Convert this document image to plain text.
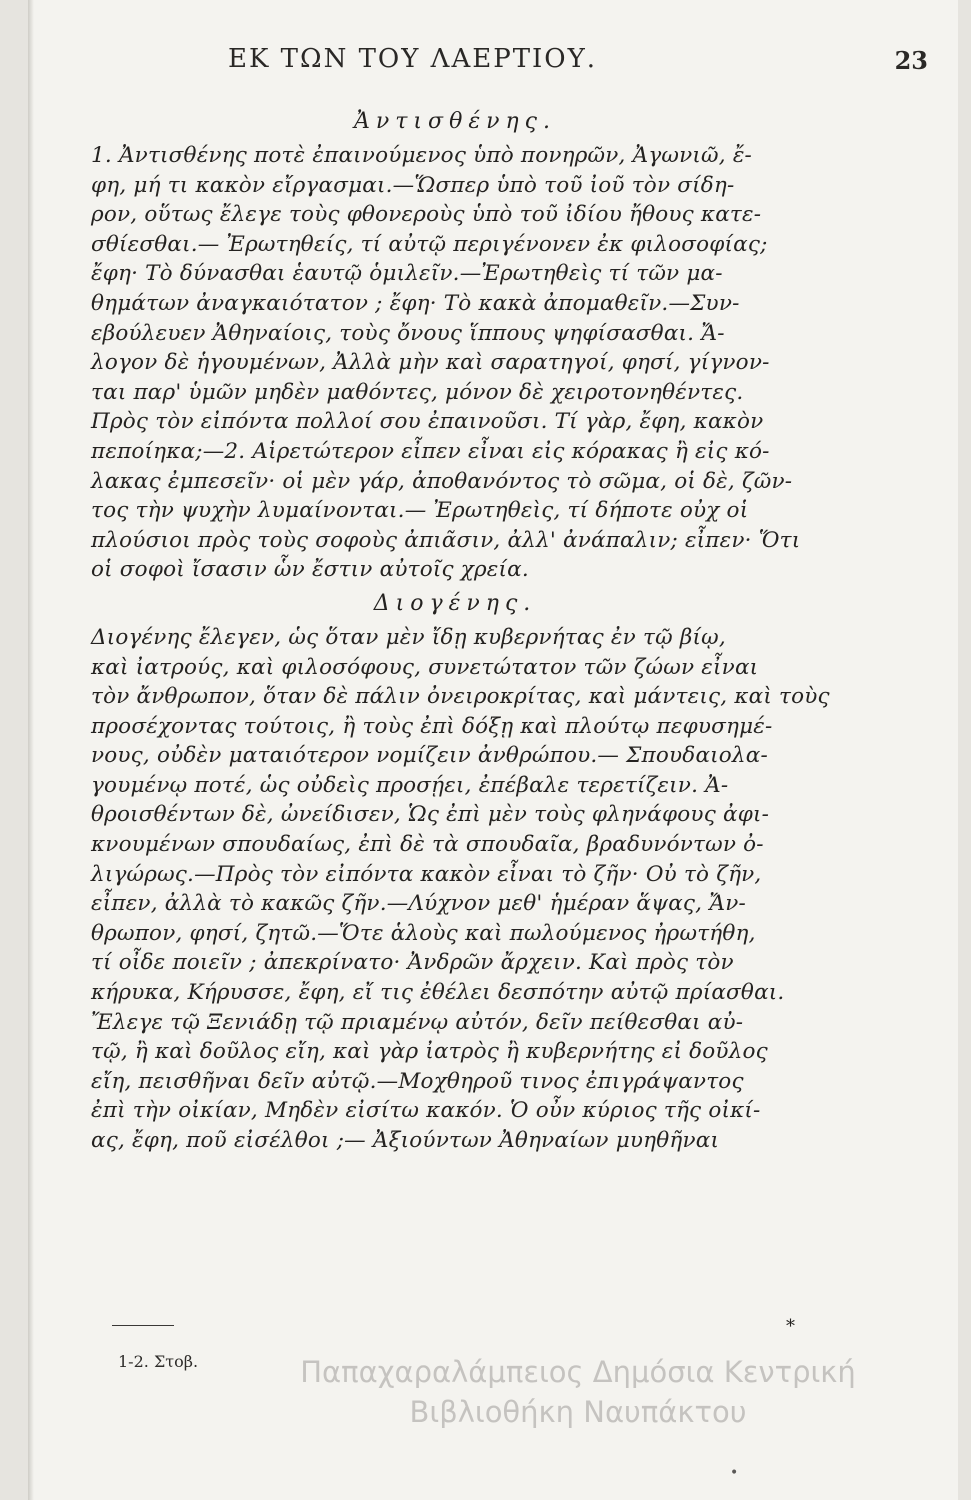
ΕΚ ΤΩΝ ΤΟΥ ΛΑΕΡΤΙΟΥ.	23
Ἀντισθένης.
1. Ἀντισθένης ποτὲ ἐπαινούμενος ὑπὸ πονηρῶν, Ἀγωνιῶ, ἔ-
φη, μή τι κακὸν εἴργασμαι.—Ὥσπερ ὑπὸ τοῦ ἰοῦ τὸν σίδη-
ρον, οὕτως ἔλεγε τοὺς φθονεροὺς ὑπὸ τοῦ ἰδίου ἤθους κατε-
σθίεσθαι.— Ἐρωτηθείς, τί αὐτῷ περιγένονεν ἐκ φιλοσοφίας;
ἔφη· Τὸ δύνασθαι ἑαυτῷ ὁμιλεῖν.—Ἐρωτηθεὶς τί τῶν μα-
θημάτων ἀναγκαιότατον ; ἔφη· Τὸ κακὰ ἀπομαθεῖν.—Συν-
εβούλευεν Ἀθηναίοις, τοὺς ὄνους ἵππους ψηφίσασθαι. Ἄ-
λογον δὲ ἡγουμένων, Ἀλλὰ μὴν καὶ σαρατηγοί, φησί, γίγνον-
ται παρ' ὑμῶν μηδὲν μαθόντες, μόνον δὲ χειροτονηθέντες.
Πρὸς τὸν εἰπόντα πολλοί σου ἐπαινοῦσι. Τί γὰρ, ἔφη, κακὸν
πεποίηκα;—2. Αἱρετώτερον εἶπεν εἶναι εἰς κόρακας ἢ εἰς κό-
λακας ἐμπεσεῖν· οἱ μὲν γάρ, ἀποθανόντος τὸ σῶμα, οἱ δὲ, ζῶν-
τος τὴν ψυχὴν λυμαίνονται.— Ἐρωτηθεὶς, τί δήποτε οὐχ οἱ
πλούσιοι πρὸς τοὺς σοφοὺς ἀπιᾶσιν, ἀλλ' ἀνάπαλιν; εἶπεν· Ὅτι
οἱ σοφοὶ ἴσασιν ὧν ἔστιν αὐτοῖς χρεία.
Διογένης.
Διογένης ἔλεγεν, ὡς ὅταν μὲν ἴδῃ κυβερνήτας ἐν τῷ βίῳ,
καὶ ἰατρούς, καὶ φιλοσόφους, συνετώτατον τῶν ζώων εἶναι
τὸν ἄνθρωπον, ὅταν δὲ πάλιν ὀνειροκρίτας, καὶ μάντεις, καὶ τοὺς
προσέχοντας τούτοις, ἢ τοὺς ἐπὶ δόξῃ καὶ πλούτῳ πεφυσημέ-
νους, οὐδὲν ματαιότερον νομίζειν ἀνθρώπου.— Σπουδαιολα-
γουμένῳ ποτέ, ὡς οὐδεὶς προσῄει, ἐπέβαλε τερετίζειν. Ἀ-
θροισθέντων δὲ, ὠνείδισεν, Ὡς ἐπὶ μὲν τοὺς φληνάφους ἀφι-
κνουμένων σπουδαίως, ἐπὶ δὲ τὰ σπουδαῖα, βραδυνόντων ὀ-
λιγώρως.—Πρὸς τὸν εἰπόντα κακὸν εἶναι τὸ ζῆν· Οὐ τὸ ζῆν,
εἶπεν, ἀλλὰ τὸ κακῶς ζῆν.—Λύχνον μεθ' ἡμέραν ἅψας, Ἄν-
θρωπον, φησί, ζητῶ.—Ὅτε ἁλοὺς καὶ πωλούμενος ἠρωτήθη,
τί οἶδε ποιεῖν ; ἀπεκρίνατο· Ἀνδρῶν ἄρχειν. Καὶ πρὸς τὸν
κήρυκα, Κήρυσσε, ἔφη, εἴ τις ἐθέλει δεσπότην αὐτῷ πρίασθαι.
Ἔλεγε τῷ Ξενιάδῃ τῷ πριαμένῳ αὐτόν, δεῖν πείθεσθαι αὐ-
τῷ, ἢ καὶ δοῦλος εἴη, καὶ γὰρ ἰατρὸς ἢ κυβερνήτης εἰ δοῦλος
εἴη, πεισθῆναι δεῖν αὐτῷ.—Μοχθηροῦ τινος ἐπιγράψαντος
ἐπὶ τὴν οἰκίαν, Μηδὲν εἰσίτω κακόν. Ὁ οὖν κύριος τῆς οἰκί-
ας, ἔφη, ποῦ εἰσέλθοι ;— Ἀξιούντων Ἀθηναίων μυηθῆναι
*
1-2. Στοβ.	Παπαχαραλάμπειος Δημόσια Κεντρική
Βιβλιοθήκη Ναυπάκτου
•
